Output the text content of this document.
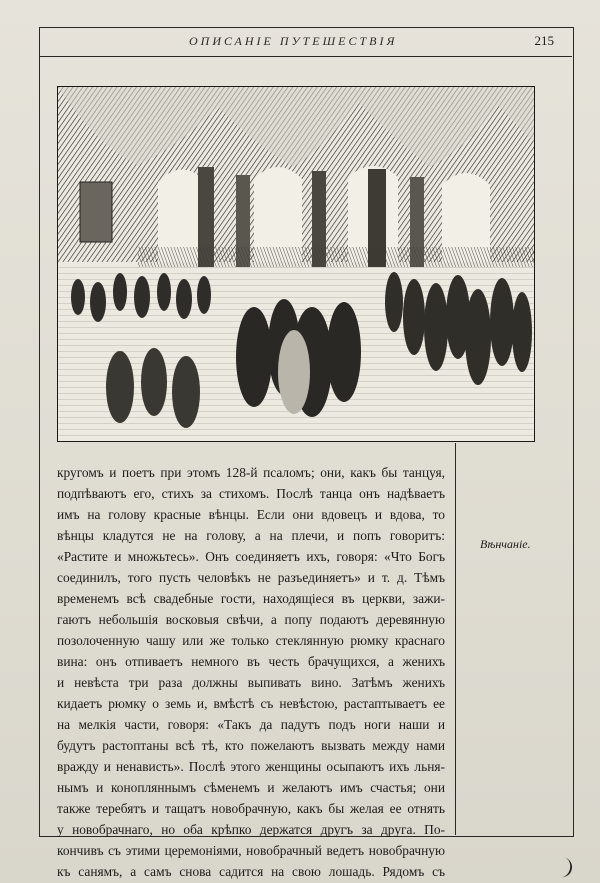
ОПИСАНІЕ ПУТЕШЕСТВІЯ	215
Вѣнчаніе.
кругомъ и поетъ при этомъ 128-й псаломъ; они, какъ бы танцуя,
подпѣваютъ его, стихъ за стихомъ. Послѣ танца онъ надѣваетъ
имъ на голову красные вѣнцы. Если они вдовецъ и вдова, то
вѣнцы кладутся не на голову, а на плечи, и попъ говоритъ:
«Растите и множьтесь». Онъ соединяетъ ихъ, говоря: «Что Богъ
соединилъ, того пусть человѣкъ не разъединяетъ» и т. д. Тѣмъ
временемъ всѣ свадебные гости, находящіеся въ церкви, зажи-
гаютъ небольшія восковыя свѣчи, а попу подаютъ деревянную
позолоченную чашу или же только стеклянную рюмку краснаго
вина: онъ отпиваетъ немного въ честь брачущихся, а женихъ
и невѣста три раза должны выпивать вино. Затѣмъ женихъ
кидаетъ рюмку о земь и, вмѣстѣ съ невѣстою, растаптываетъ ее
на мелкія части, говоря: «Такъ да падутъ подъ ноги наши и
будутъ растоптаны всѣ тѣ, кто пожелаютъ вызвать между нами
вражду и ненависть». Послѣ этого женщины осыпаютъ ихъ льня-
нымъ и конопляннымъ сѣменемъ и желаютъ имъ счастья; они
также теребятъ и тащатъ новобрачную, какъ бы желая ее отнять
у новобрачнаго, но оба крѣпко держатся другъ за друга. По-
кончивъ съ этими церемоніями, новобрачный ведетъ новобрачную
къ санямъ, а самъ снова садится на свою лошадь. Рядомъ съ
